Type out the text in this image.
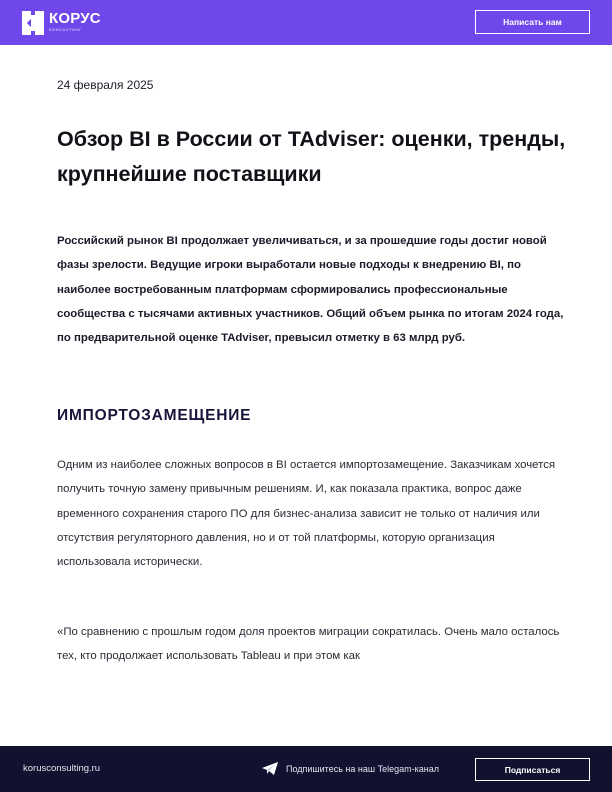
КОРУС
КОНСАЛТИНГ
Написать нам
24 февраля 2025
Обзор BI в России от TAdviser: оценки, тренды, крупнейшие поставщики

Российский рынок BI продолжает увеличиваться, и за прошедшие годы достиг новой фазы зрелости. Ведущие игроки выработали новые подходы к внедрению BI, по наиболее востребованным платформам сформировались профессиональные сообщества с тысячами активных участников. Общий объем рынка по итогам 2024 года, по предварительной оценке TAdviser, превысил отметку в 63 млрд руб.

ИМПОРТОЗАМЕЩЕНИЕ

Одним из наиболее сложных вопросов в BI остается импортозамещение. Заказчикам хочется получить точную замену привычным решениям. И, как показала практика, вопрос даже временного сохранения старого ПО для бизнес-анализа зависит не только от наличия или отсутствия регуляторного давления, но и от той платформы, которую организация использовала исторически.

«По сравнению с прошлым годом доля проектов миграции сократилась. Очень мало осталось тех, кто продолжает использовать Tableau и при этом как

korusconsulting.ru	Подпишитесь на наш Telegam-канал	Подписаться
